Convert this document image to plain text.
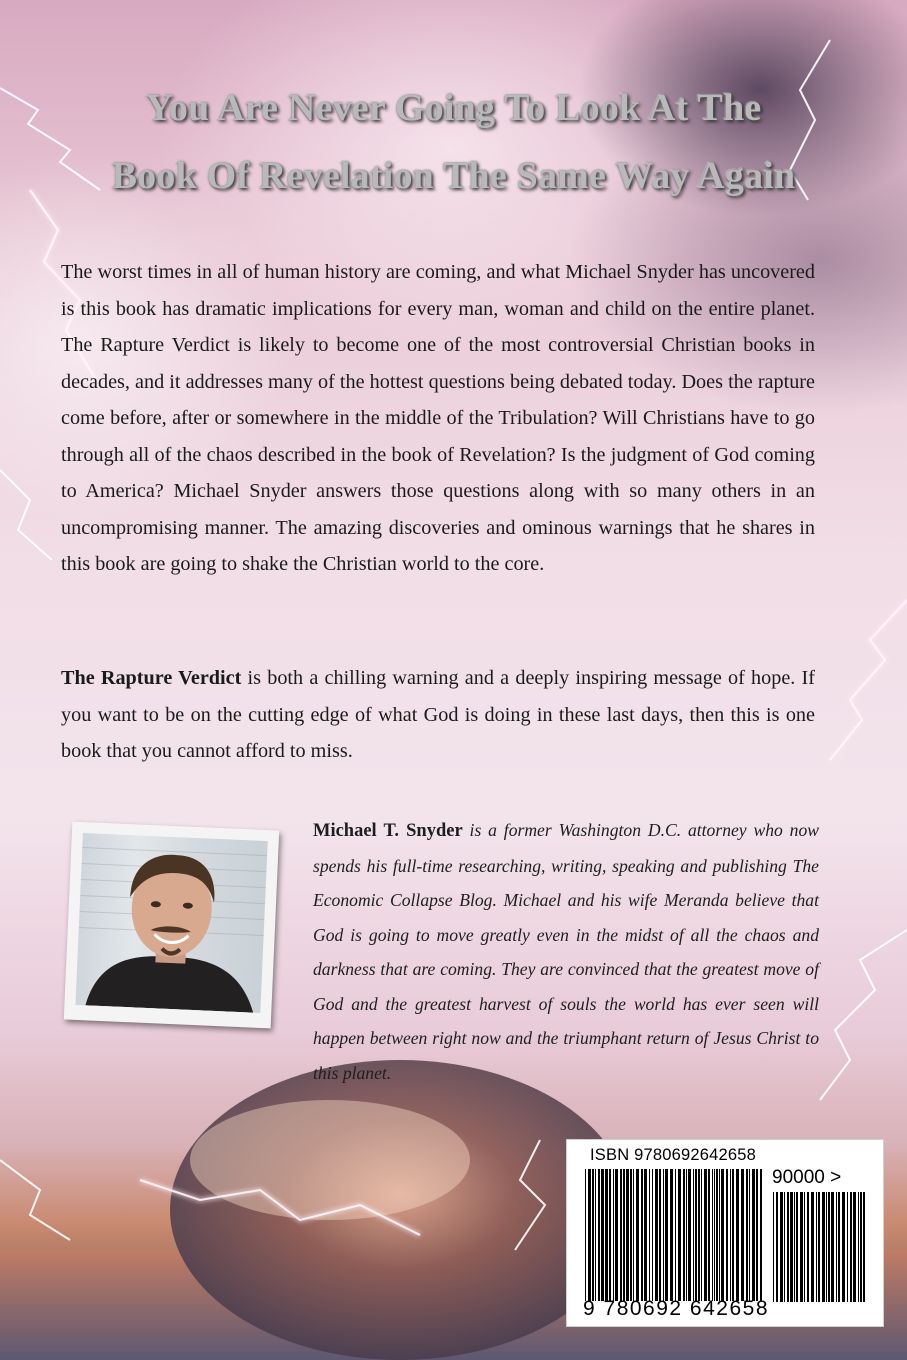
You Are Never Going To Look At The
Book Of Revelation The Same Way Again

The worst times in all of human history are coming, and what Michael Snyder has uncovered is this book has dramatic implications for every man, woman and child on the entire planet. The Rapture Verdict is likely to become one of the most controversial Christian books in decades, and it addresses many of the hottest questions being debated today. Does the rapture come before, after or somewhere in the middle of the Tribulation? Will Christians have to go through all of the chaos described in the book of Revelation? Is the judgment of God coming to America? Michael Snyder answers those questions along with so many others in an uncompromising manner. The amazing discoveries and ominous warnings that he shares in this book are going to shake the Christian world to the core.

The Rapture Verdict is both a chilling warning and a deeply inspiring message of hope. If you want to be on the cutting edge of what God is doing in these last days, then this is one book that you cannot afford to miss.

Michael T. Snyder is a former Washington D.C. attorney who now spends his full-time researching, writing, speaking and publishing The Economic Collapse Blog. Michael and his wife Meranda believe that God is going to move greatly even in the midst of all the chaos and darkness that are coming. They are convinced that the greatest move of God and the greatest harvest of souls the world has ever seen will happen between right now and the triumphant return of Jesus Christ to this planet.

ISBN 9780692642658
90000 >
9 780692 642658
